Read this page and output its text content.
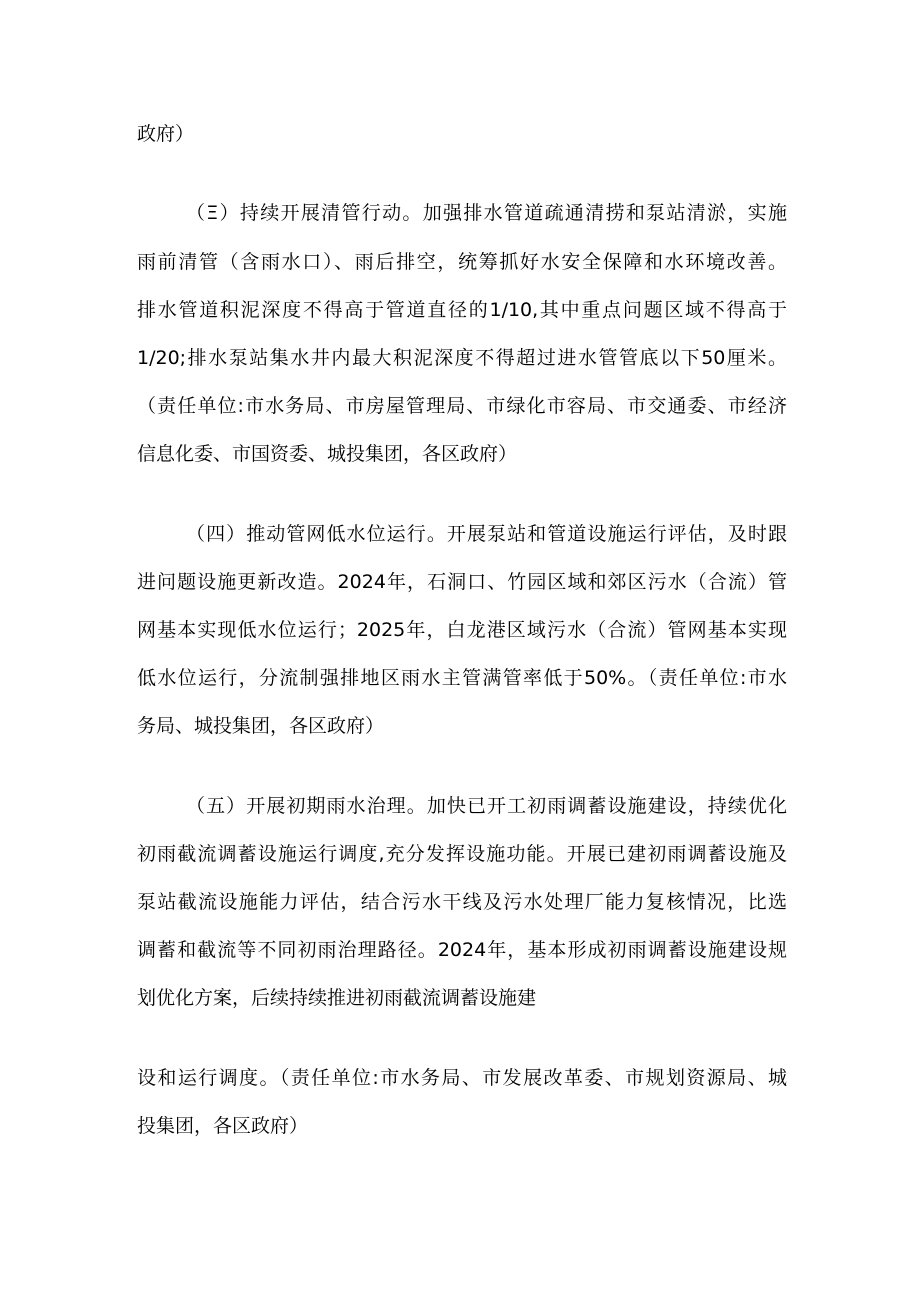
政府）
（Ξ）持续开展清管行动。加强排水管道疏通清捞和泵站清淤，实施
雨前清管（含雨水口）、雨后排空，统筹抓好水安全保障和水环境改善。
排水管道积泥深度不得高于管道直径的1/10,其中重点问题区域不得高于
1/20;排水泵站集水井内最大积泥深度不得超过进水管管底以下50厘米。
（责任单位:市水务局、市房屋管理局、市绿化市容局、市交通委、市经济
信息化委、市国资委、城投集团，各区政府）
（四）推动管网低水位运行。开展泵站和管道设施运行评估，及时跟
进问题设施更新改造。2024年，石洞口、竹园区域和郊区污水（合流）管
网基本实现低水位运行；2025年，白龙港区域污水（合流）管网基本实现
低水位运行，分流制强排地区雨水主管满管率低于50%。（责任单位:市水
务局、城投集团，各区政府）
（五）开展初期雨水治理。加快已开工初雨调蓄设施建设，持续优化
初雨截流调蓄设施运行调度,充分发挥设施功能。开展已建初雨调蓄设施及
泵站截流设施能力评估，结合污水干线及污水处理厂能力复核情况，比选
调蓄和截流等不同初雨治理路径。2024年，基本形成初雨调蓄设施建设规
划优化方案，后续持续推进初雨截流调蓄设施建
设和运行调度。（责任单位:市水务局、市发展改革委、市规划资源局、城
投集团，各区政府）
